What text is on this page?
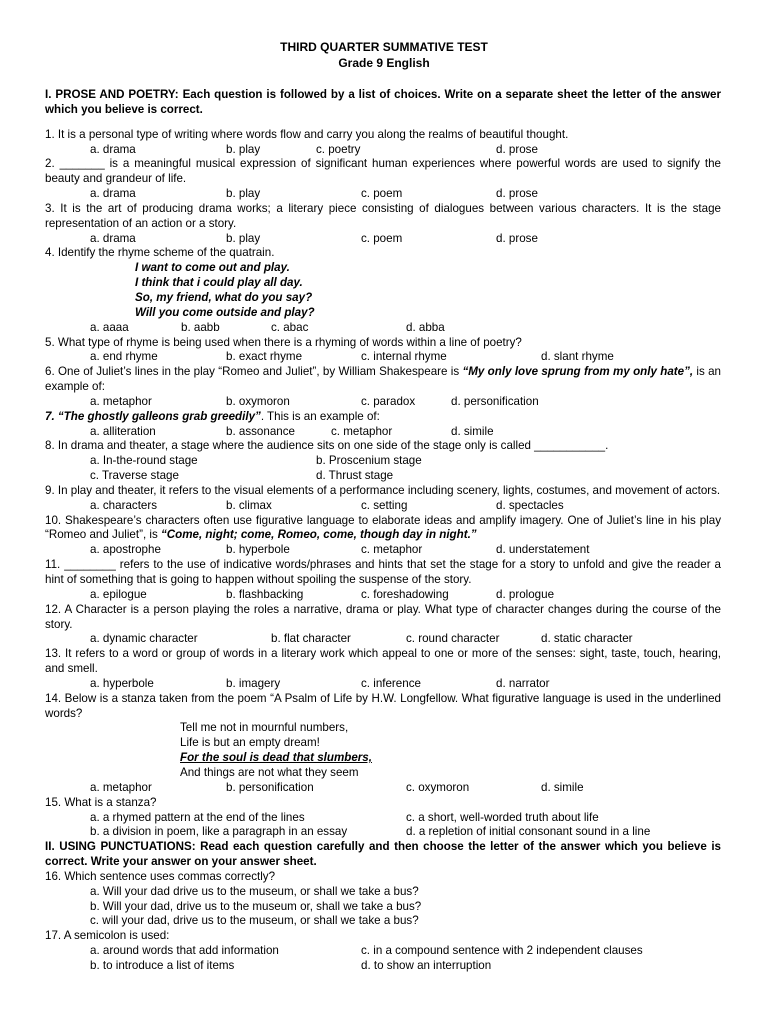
THIRD QUARTER SUMMATIVE TEST
Grade 9 English
I. PROSE AND POETRY: Each question is followed by a list of choices. Write on a separate sheet the letter of the answer which you believe is correct.
1. It is a personal type of writing where words flow and carry you along the realms of beautiful thought.
a. drama	b. play	c. poetry	d. prose
2. _______ is a meaningful musical expression of significant human experiences where powerful words are used to signify the beauty and grandeur of life.
a. drama	b. play	c. poem	d. prose
3. It is the art of producing drama works; a literary piece consisting of dialogues between various characters. It is the stage representation of an action or a story.
a. drama	b. play	c. poem	d. prose
4. Identify the rhyme scheme of the quatrain.
I want to come out and play.
I think that i could play all day.
So, my friend, what do you say?
Will you come outside and play?
a. aaaa	b. aabb	c. abac	d. abba
5. What type of rhyme is being used when there is a rhyming of words within a line of poetry?
a. end rhyme	b. exact rhyme	c. internal rhyme	d. slant rhyme
6. One of Juliet’s lines in the play “Romeo and Juliet”, by William Shakespeare is “My only love sprung from my only hate”, is an example of:
a. metaphor	b. oxymoron	c. paradox	d. personification
7. “The ghostly galleons grab greedily”. This is an example of:
a. alliteration	b. assonance	c. metaphor	d. simile
8. In drama and theater, a stage where the audience sits on one side of the stage only is called ___________.
a. In-the-round stage	b. Proscenium stage
c. Traverse stage	d. Thrust stage
9. In play and theater, it refers to the visual elements of a performance including scenery, lights, costumes, and movement of actors.
a. characters	b. climax	c. setting	d. spectacles
10. Shakespeare’s characters often use figurative language to elaborate ideas and amplify imagery. One of Juliet’s line in his play “Romeo and Juliet”, is “Come, night; come, Romeo, come, though day in night.”
a. apostrophe	b. hyperbole	c. metaphor	d. understatement
11. ________ refers to the use of indicative words/phrases and hints that set the stage for a story to unfold and give the reader a hint of something that is going to happen without spoiling the suspense of the story.
a. epilogue	b. flashbacking	c. foreshadowing	d. prologue
12. A Character is a person playing the roles a narrative, drama or play. What type of character changes during the course of the story.
a. dynamic character	b. flat character	c. round character	d. static character
13. It refers to a word or group of words in a literary work which appeal to one or more of the senses: sight, taste, touch, hearing, and smell.
a. hyperbole	b. imagery	c. inference	d. narrator
14. Below is a stanza taken from the poem “A Psalm of Life by H.W. Longfellow. What figurative language is used in the underlined words?
Tell me not in mournful numbers,
Life is but an empty dream!
For the soul is dead that slumbers,
And things are not what they seem
a. metaphor	b. personification	c. oxymoron	d. simile
15. What is a stanza?
a. a rhymed pattern at the end of the lines	c. a short, well-worded truth about life
b. a division in poem, like a paragraph in an essay	d. a repletion of initial consonant sound in a line
II. USING PUNCTUATIONS: Read each question carefully and then choose the letter of the answer which you believe is correct. Write your answer on your answer sheet.
16. Which sentence uses commas correctly?
a. Will your dad drive us to the museum, or shall we take a bus?
b. Will your dad, drive us to the museum or, shall we take a bus?
c. will your dad, drive us to the museum, or shall we take a bus?
17. A semicolon is used:
a. around words that add information	c. in a compound sentence with 2 independent clauses
b. to introduce a list of items	d. to show an interruption
